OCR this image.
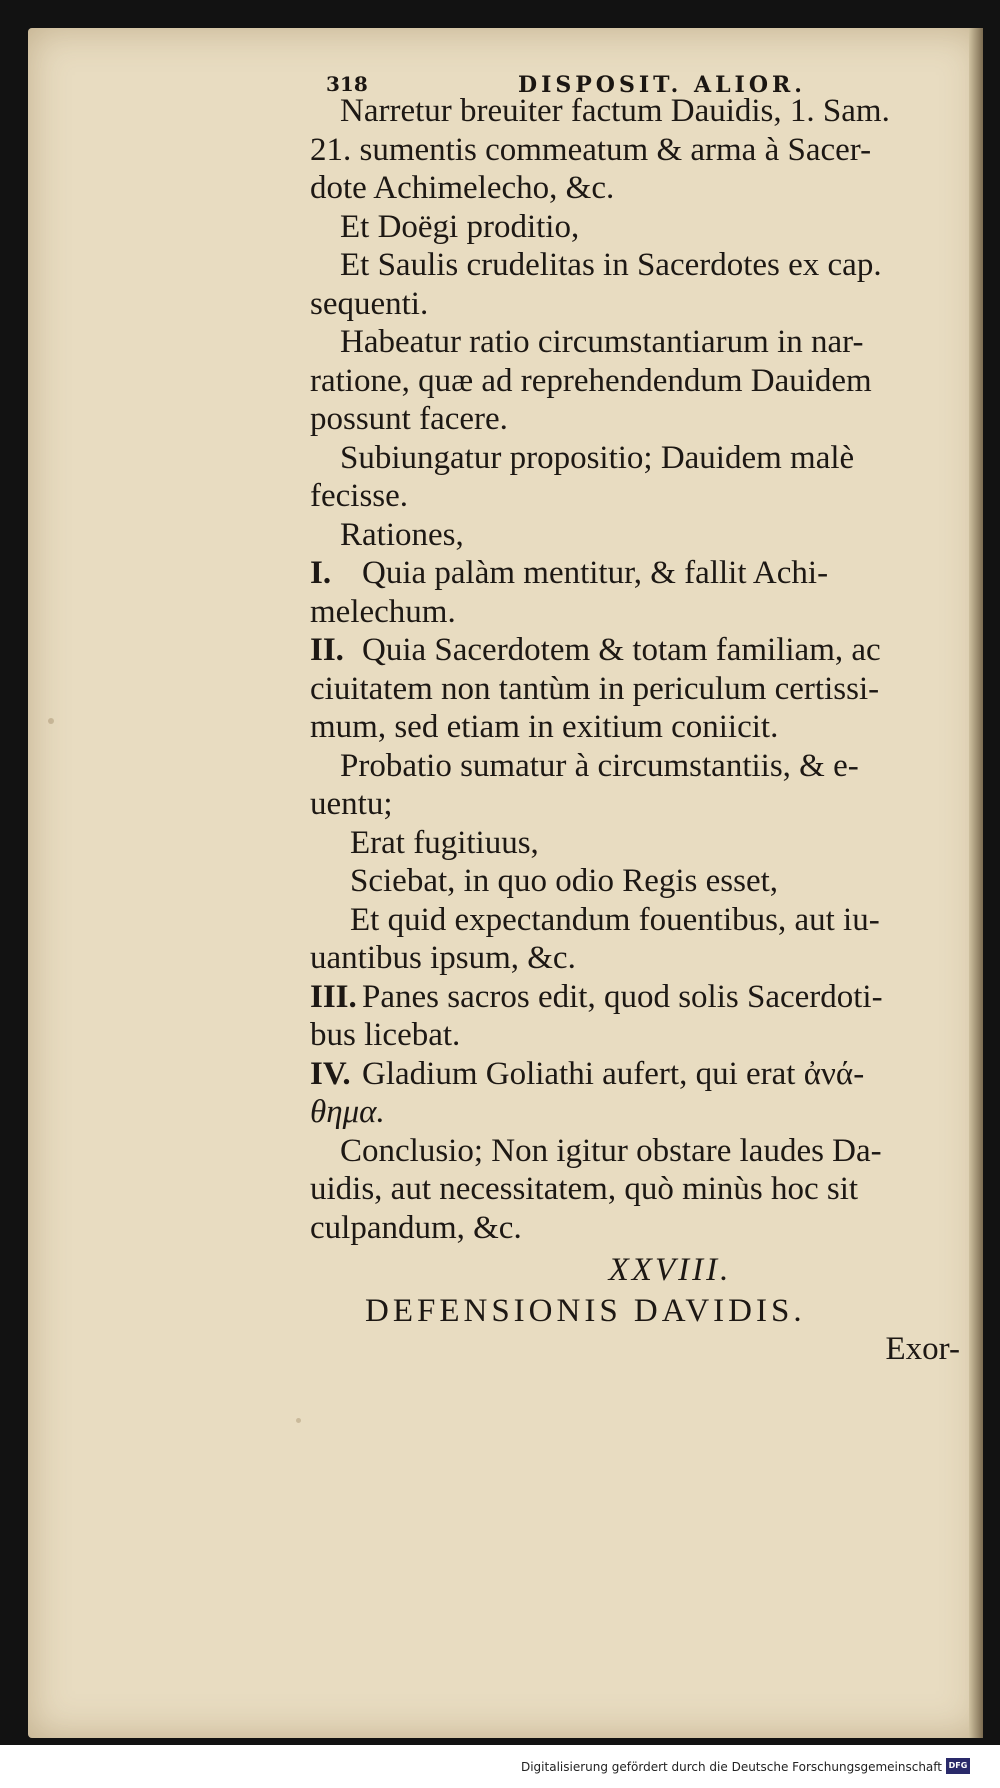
318	DISPOSIT. ALIOR.
Narretur breuiter factum Dauidis, 1. Sam.
21. sumentis commeatum & arma à Sacer-
dote Achimelecho, &c.
Et Doëgi proditio,
Et Saulis crudelitas in Sacerdotes ex cap.
sequenti.
Habeatur ratio circumstantiarum in nar-
ratione, quæ ad reprehendendum Dauidem
possunt facere.
Subiungatur propositio; Dauidem malè
fecisse.
Rationes,
I. Quia palàm mentitur, & fallit Achi-
melechum.
II. Quia Sacerdotem & totam familiam, ac
ciuitatem non tantùm in periculum certissi-
mum, sed etiam in exitium coniicit.
Probatio sumatur à circumstantiis, & e-
uentu;
Erat fugitiuus,
Sciebat, in quo odio Regis esset,
Et quid expectandum fouentibus, aut iu-
uantibus ipsum, &c.
III. Panes sacros edit, quod solis Sacerdoti-
bus licebat.
IV. Gladium Goliathi aufert, qui erat ἀνά-
θημα.
Conclusio; Non igitur obstare laudes Da-
uidis, aut necessitatem, quò minùs hoc sit
culpandum, &c.
XXVIII.
DEFENSIONIS DAVIDIS.
Exor-
Digitalisierung gefördert durch die Deutsche Forschungsgemeinschaft DFG
